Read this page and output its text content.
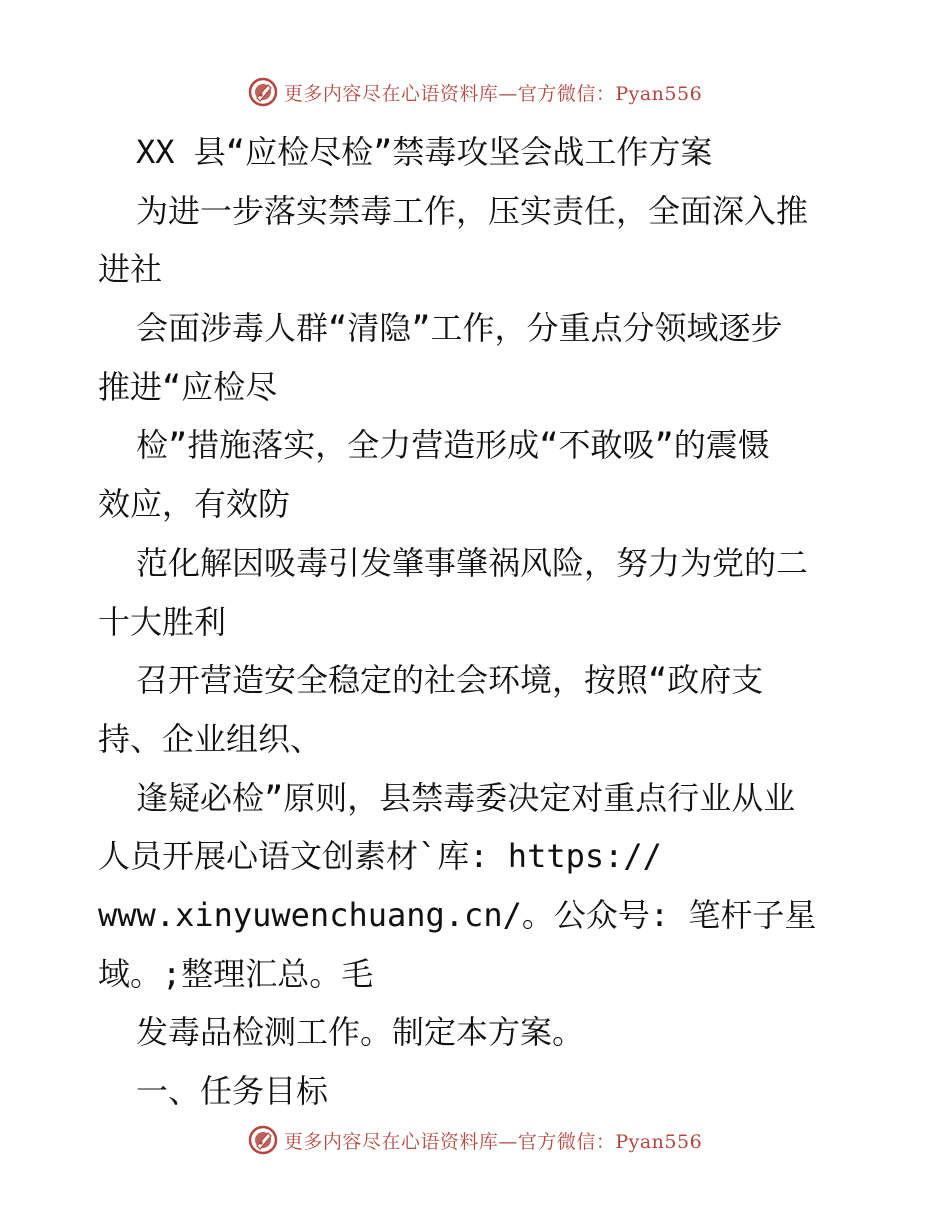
更多内容尽在心语资料库—官方微信：Pyan556
XX 县“应检尽检”禁毒攻坚会战工作方案
为进一步落实禁毒工作，压实责任，全面深入推
进社
会面涉毒人群“清隐”工作，分重点分领域逐步
推进“应检尽
检”措施落实，全力营造形成“不敢吸”的震慑
效应，有效防
范化解因吸毒引发肇事肇祸风险，努力为党的二
十大胜利
召开营造安全稳定的社会环境，按照“政府支
持、企业组织、
逢疑必检”原则，县禁毒委决定对重点行业从业
人员开展心语文创素材`库: https://
www.xinyuwenchuang.cn/。公众号: 笔杆子星
域。;整理汇总。毛
发毒品检测工作。制定本方案。
一、任务目标
更多内容尽在心语资料库—官方微信：Pyan556
